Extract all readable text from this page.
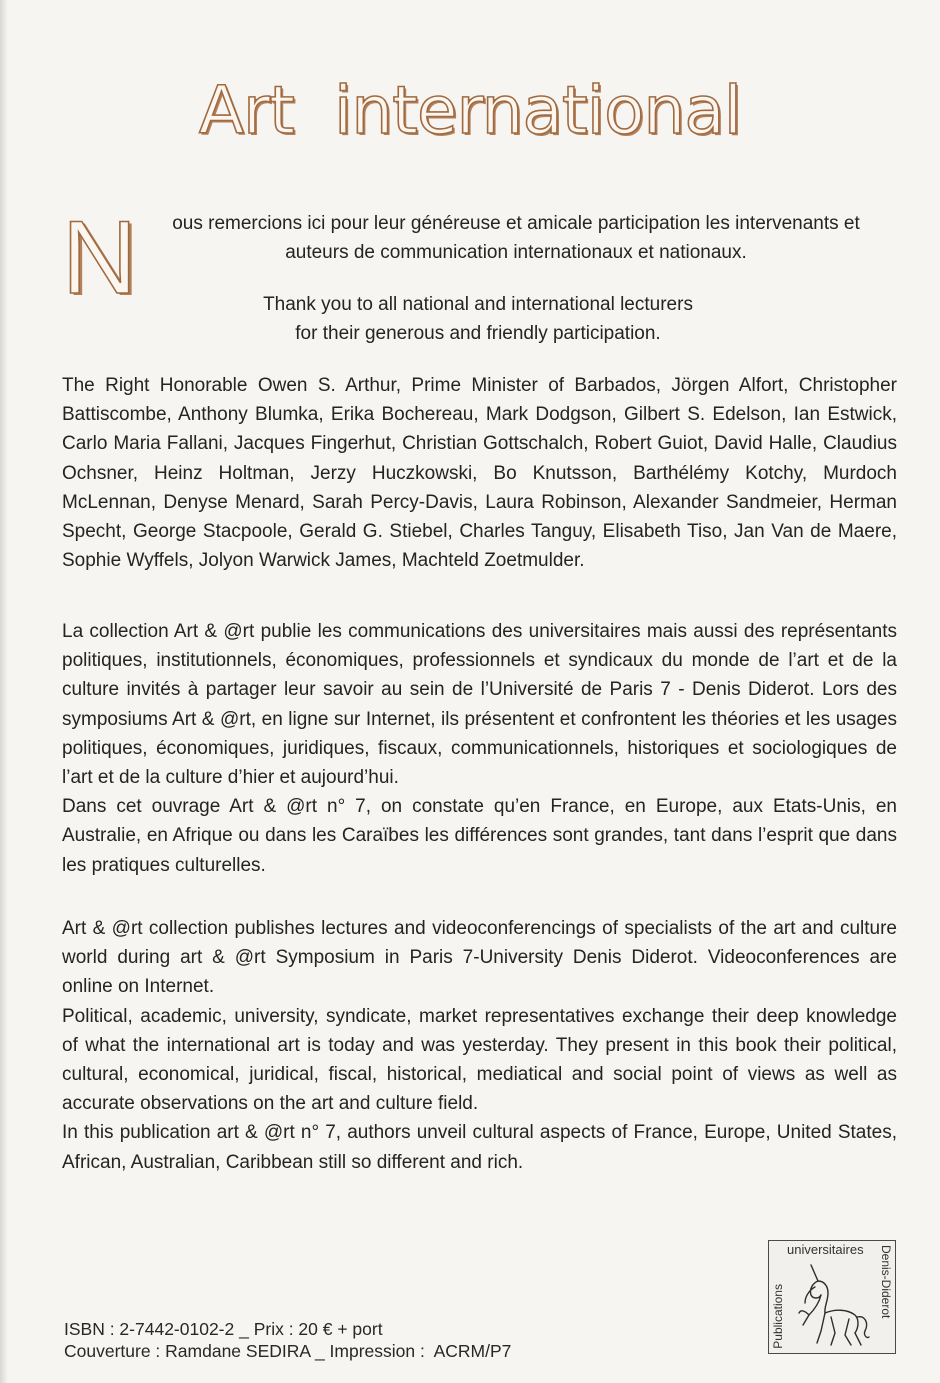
Art  international
N	ous remercions ici pour leur généreuse et amicale participation les intervenants et
auteurs de communication internationaux et nationaux.
Thank you to all national and international lecturers
for their generous and friendly participation.

The Right Honorable Owen S. Arthur, Prime Minister of Barbados, Jörgen Alfort, Christopher Battiscombe, Anthony Blumka, Erika Bochereau, Mark Dodgson, Gilbert S. Edelson, Ian Estwick, Carlo Maria Fallani, Jacques Fingerhut, Christian Gottschalch, Robert Guiot, David Halle, Claudius Ochsner, Heinz Holtman, Jerzy Huczkowski, Bo Knutsson, Barthélémy Kotchy, Murdoch McLennan, Denyse Menard, Sarah Percy-Davis, Laura Robinson, Alexander Sandmeier, Herman Specht, George Stacpoole, Gerald G. Stiebel, Charles Tanguy, Elisabeth Tiso, Jan Van de Maere, Sophie Wyffels, Jolyon Warwick James, Machteld Zoetmulder.

La collection Art & @rt publie les communications des universitaires mais aussi des représentants politiques, institutionnels, économiques, professionnels et syndicaux du monde de l’art et de la culture invités à partager leur savoir au sein de l’Université de Paris 7 - Denis Diderot. Lors des symposiums Art & @rt, en ligne sur Internet, ils présentent et confrontent les théories et les usages politiques, économiques, juridiques, fiscaux, communicationnels, historiques et sociologiques de l’art et de la culture d’hier et aujourd’hui.

Dans cet ouvrage Art & @rt n° 7, on constate qu’en France, en Europe, aux Etats-Unis, en Australie, en Afrique ou dans les Caraïbes les différences sont grandes, tant dans l’esprit que dans les pratiques culturelles.

Art & @rt collection publishes lectures and videoconferencings of specialists of the art and culture world during art & @rt Symposium in Paris 7-University Denis Diderot. Videoconferences are online on Internet.

Political, academic, university, syndicate, market representatives exchange their deep knowledge of what the international art is today and was yesterday. They present in this book their political, cultural, economical, juridical, fiscal, historical, mediatical and social point of views as well as accurate observations on the art and culture field.

In this publication art & @rt n° 7, authors unveil cultural aspects of France, Europe, United States, African, Australian, Caribbean still so different and rich.

universitaires
Publications	Denis-Diderot
ISBN : 2-7442-0102-2 _ Prix : 20 € + port
Couverture : Ramdane SEDIRA _ Impression :  ACRM/P7
